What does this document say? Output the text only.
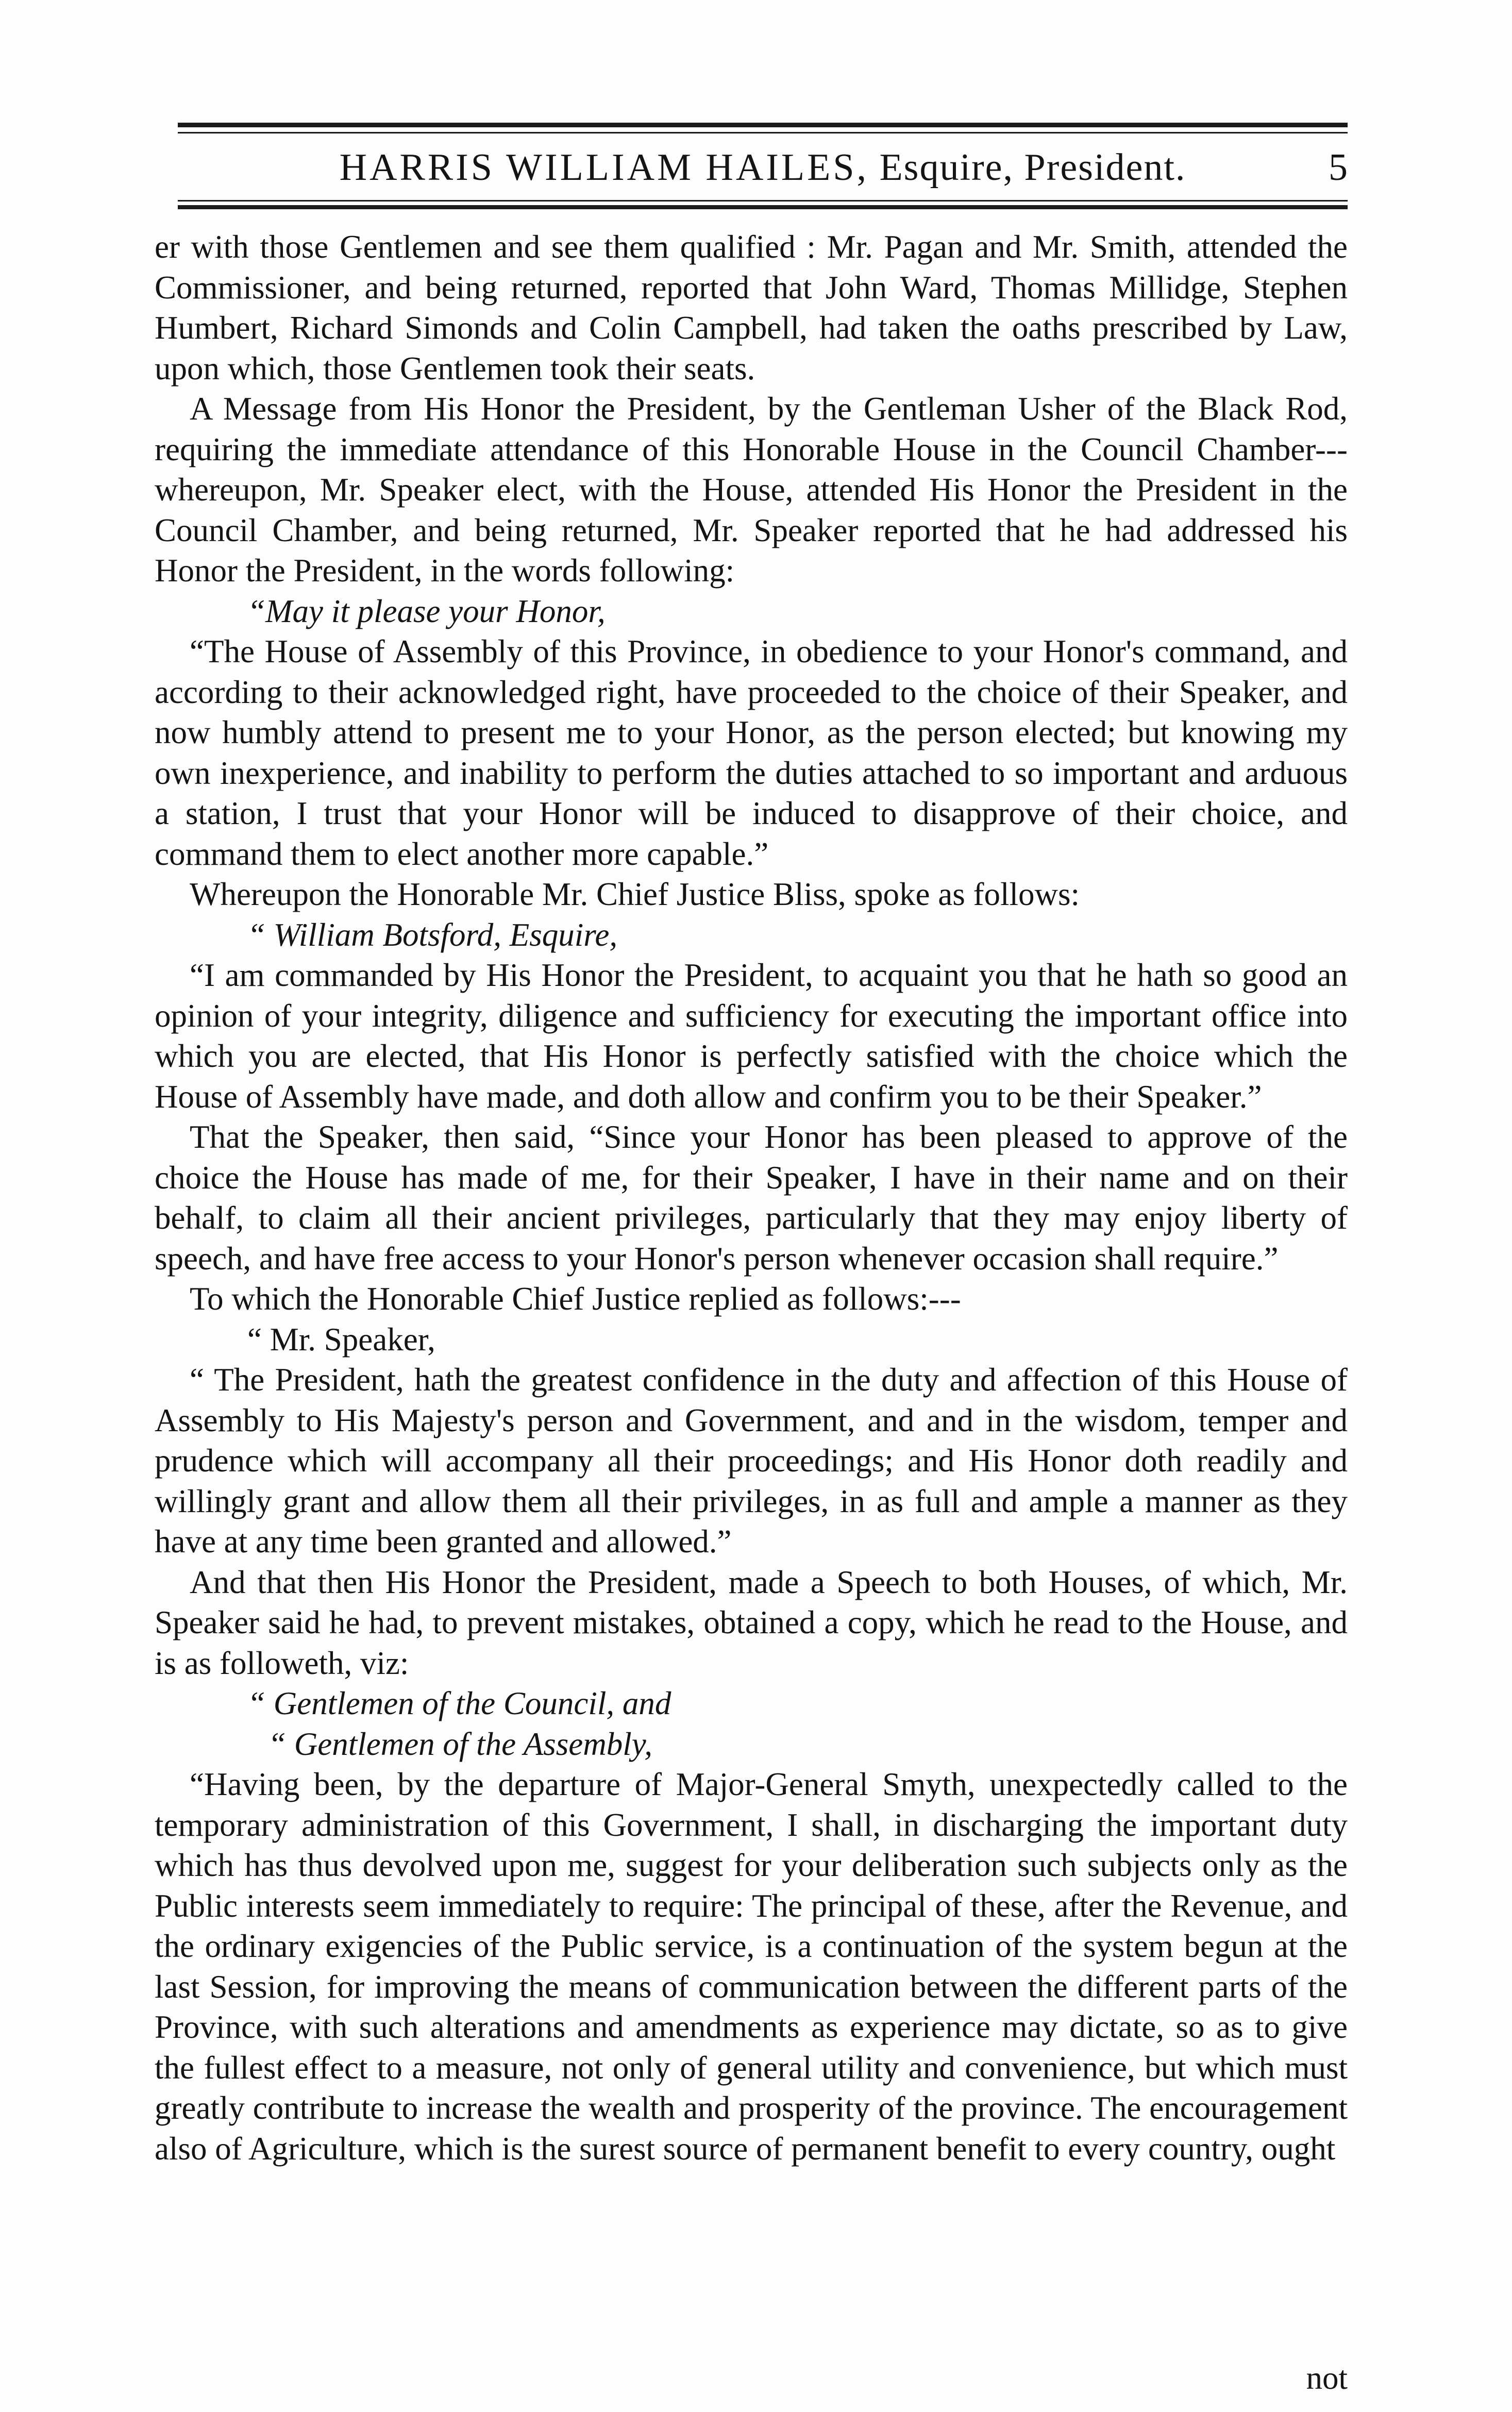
HARRIS WILLIAM HAILES, Esquire, President.	5

er with those Gentlemen and see them qualified : Mr. Pagan and Mr. Smith, attended the Commissioner, and being returned, reported that John Ward, Thomas Millidge, Stephen Humbert, Richard Simonds and Colin Campbell, had taken the oaths prescribed by Law, upon which, those Gentlemen took their seats.

A Message from His Honor the President, by the Gentleman Usher of the Black Rod, requiring the immediate attendance of this Honorable House in the Council Chamber---whereupon, Mr. Speaker elect, with the House, attended His Honor the President in the Council Chamber, and being returned, Mr. Speaker reported that he had addressed his Honor the President, in the words following:

“May it please your Honor,

“The House of Assembly of this Province, in obedience to your Honor's command, and according to their acknowledged right, have proceeded to the choice of their Speaker, and now humbly attend to present me to your Honor, as the person elected; but knowing my own inexperience, and inability to perform the duties attached to so important and arduous a station, I trust that your Honor will be induced to disapprove of their choice, and command them to elect another more capable.”

Whereupon the Honorable Mr. Chief Justice Bliss, spoke as follows:

“ William Botsford, Esquire,

“I am commanded by His Honor the President, to acquaint you that he hath so good an opinion of your integrity, diligence and sufficiency for executing the important office into which you are elected, that His Honor is perfectly satisfied with the choice which the House of Assembly have made, and doth allow and confirm you to be their Speaker.”

That the Speaker, then said, “Since your Honor has been pleased to approve of the choice the House has made of me, for their Speaker, I have in their name and on their behalf, to claim all their ancient privileges, particularly that they may enjoy liberty of speech, and have free access to your Honor's person whenever occasion shall require.”

To which the Honorable Chief Justice replied as follows:---

“ Mr. Speaker,

“ The President, hath the greatest confidence in the duty and affection of this House of Assembly to His Majesty's person and Government, and and in the wisdom, temper and prudence which will accompany all their proceedings; and His Honor doth readily and willingly grant and allow them all their privileges, in as full and ample a manner as they have at any time been granted and allowed.”

And that then His Honor the President, made a Speech to both Houses, of which, Mr. Speaker said he had, to prevent mistakes, obtained a copy, which he read to the House, and is as followeth, viz:

“ Gentlemen of the Council, and

“ Gentlemen of the Assembly,

“Having been, by the departure of Major-General Smyth, unexpectedly called to the temporary administration of this Government, I shall, in discharging the important duty which has thus devolved upon me, suggest for your deliberation such subjects only as the Public interests seem immediately to require: The principal of these, after the Revenue, and the ordinary exigencies of the Public service, is a continuation of the system begun at the last Session, for improving the means of communication between the different parts of the Province, with such alterations and amendments as experience may dictate, so as to give the fullest effect to a measure, not only of general utility and convenience, but which must greatly contribute to increase the wealth and prosperity of the province. The encouragement also of Agriculture, which is the surest source of permanent benefit to every country, ought

not
